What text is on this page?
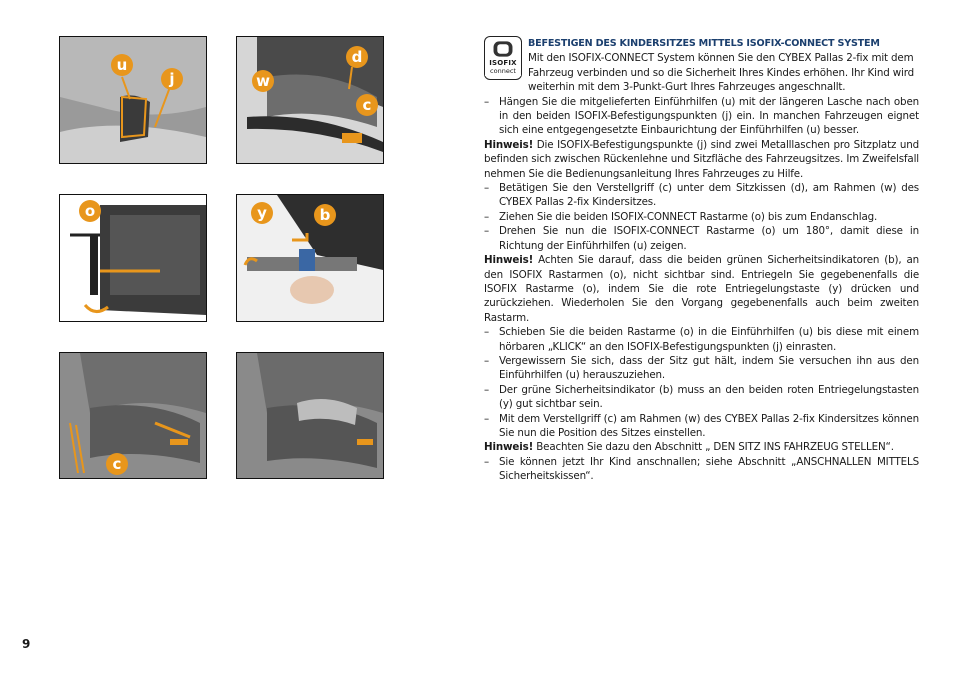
u
j
d
w
c
o	y	b
c
ISOFIX
connect
BEFESTIGEN DES KINDERSITZES MITTELS ISOFIX-CONNECT SYSTEM
Mit den ISOFIX-CONNECT System können Sie den CYBEX Pallas 2-fix mit dem Fahrzeug verbinden und so die Sicherheit Ihres Kindes erhöhen. Ihr Kind wird weiterhin mit dem 3-Punkt-Gurt Ihres Fahrzeuges angeschnallt.
– Hängen Sie die mitgelieferten Einführhilfen (u) mit der längeren Lasche nach oben in den beiden ISOFIX-Befestigungspunkten (j) ein. In manchen Fahrzeugen eignet sich eine entgegengesetzte Einbaurichtung der Einführhilfen (u) besser.

Hinweis! Die ISOFIX-Befestigungspunkte (j) sind zwei Metalllaschen pro Sitzplatz und befinden sich zwischen Rückenlehne und Sitzfläche des Fahrzeugsitzes. Im Zweifelsfall nehmen Sie die Bedienungsanleitung Ihres Fahrzeuges zu Hilfe.

– Betätigen Sie den Verstellgriff (c) unter dem Sitzkissen (d), am Rahmen (w) des CYBEX Pallas 2-fix Kindersitzes.
– Ziehen Sie die beiden ISOFIX-CONNECT Rastarme (o) bis zum Endanschlag.
– Drehen Sie nun die ISOFIX-CONNECT Rastarme (o) um 180°, damit diese in Richtung der Einführhilfen (u) zeigen.

Hinweis! Achten Sie darauf, dass die beiden grünen Sicherheitsindikatoren (b), an den ISOFIX Rastarmen (o), nicht sichtbar sind. Entriegeln Sie gegebenenfalls die ISOFIX Rastarme (o), indem Sie die rote Entriegelungstaste (y) drücken und zurückziehen. Wiederholen Sie den Vorgang gegebenenfalls auch beim zweiten Rastarm.

– Schieben Sie die beiden Rastarme (o) in die Einführhilfen (u) bis diese mit einem hörbaren „KLICK“ an den ISOFIX-Befestigungspunkten (j) einrasten.
– Vergewissern Sie sich, dass der Sitz gut hält, indem Sie versuchen ihn aus den Einführhilfen (u) herauszuziehen.
– Der grüne Sicherheitsindikator (b) muss an den beiden roten Entriegelungstasten (y) gut sichtbar sein.
– Mit dem Verstellgriff (c) am Rahmen (w) des CYBEX Pallas 2-fix Kindersitzes können Sie nun die Position des Sitzes einstellen.

Hinweis! Beachten Sie dazu den Abschnitt „ DEN SITZ INS FAHRZEUG STELLEN“.

– Sie können jetzt Ihr Kind anschnallen; siehe Abschnitt „ANSCHNALLEN MITTELS Sicherheitskissen“.
9
